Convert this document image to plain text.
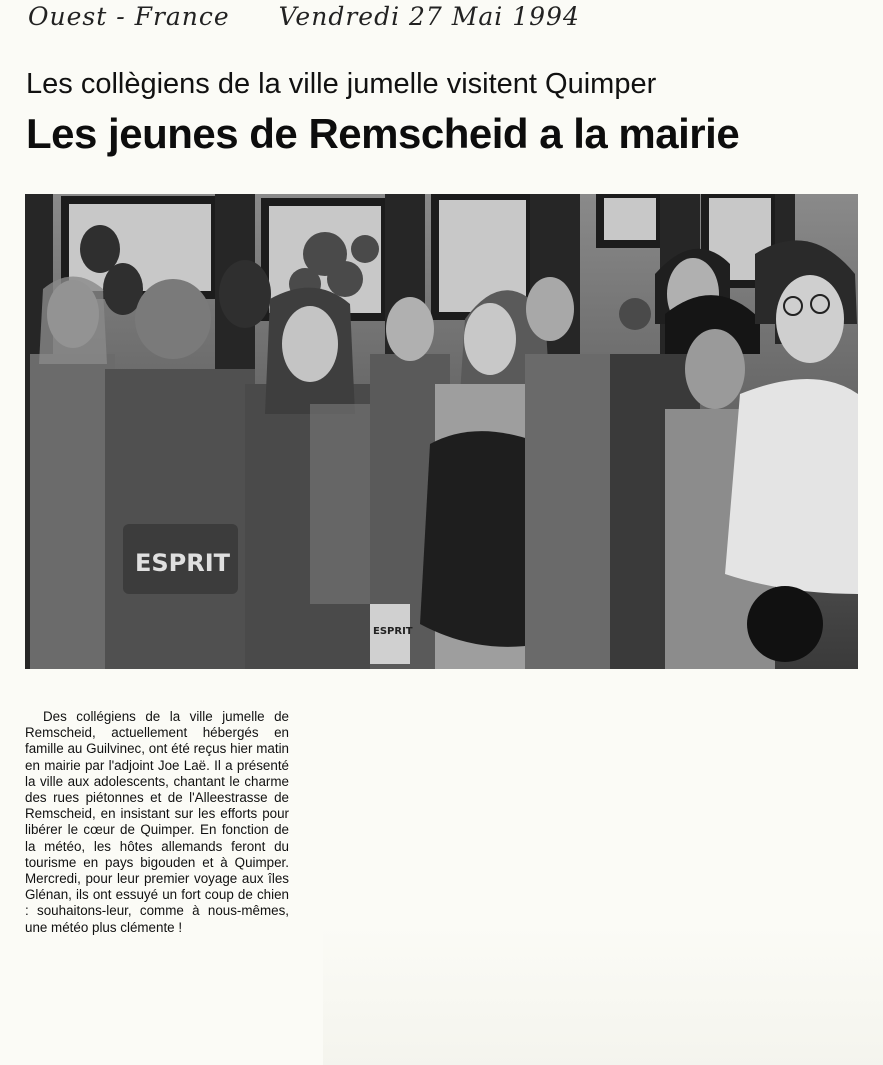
Ouest - France Vendredi 27 Mai 1994
Les collègiens de la ville jumelle visitent Quimper
Les jeunes de Remscheid a la mairie
ESPRIT
ESPRIT

Des collégiens de la ville jumelle de Remscheid, actuellement hébergés en famille au Guilvinec, ont été reçus hier matin en mairie par l'adjoint Joe Laë. Il a présenté la ville aux adolescents, chantant le charme des rues piétonnes et de l'Alleestrasse de Remscheid, en insistant sur les efforts pour libérer le cœur de Quimper. En fonction de la météo, les hôtes allemands feront du tourisme en pays bigouden et à Quimper. Mercredi, pour leur premier voyage aux îles Glénan, ils ont essuyé un fort coup de chien : souhaitons-leur, comme à nous-mêmes, une météo plus clémente !
